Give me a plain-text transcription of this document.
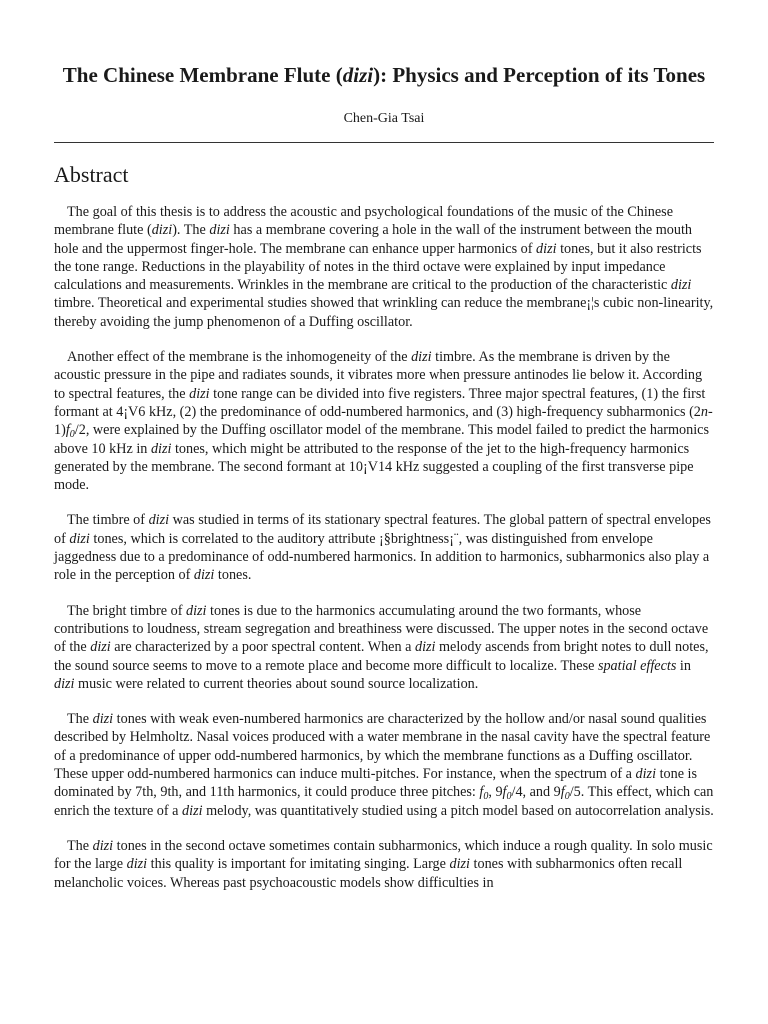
The Chinese Membrane Flute (dizi): Physics and Perception of its Tones
Chen-Gia Tsai
Abstract

The goal of this thesis is to address the acoustic and psychological foundations of the music of the Chinese membrane flute (dizi). The dizi has a membrane covering a hole in the wall of the instrument between the mouth hole and the uppermost finger-hole. The membrane can enhance upper harmonics of dizi tones, but it also restricts the tone range. Reductions in the playability of notes in the third octave were explained by input impedance calculations and measurements. Wrinkles in the membrane are critical to the production of the characteristic dizi timbre. Theoretical and experimental studies showed that wrinkling can reduce the membrane¡¦s cubic non-linearity, thereby avoiding the jump phenomenon of a Duffing oscillator.

Another effect of the membrane is the inhomogeneity of the dizi timbre. As the membrane is driven by the acoustic pressure in the pipe and radiates sounds, it vibrates more when pressure antinodes lie below it. According to spectral features, the dizi tone range can be divided into five registers. Three major spectral features, (1) the first formant at 4¡V6 kHz, (2) the predominance of odd-numbered harmonics, and (3) high-frequency subharmonics $(2n-1)f_0/2$, were explained by the Duffing oscillator model of the membrane. This model failed to predict the harmonics above 10 kHz in dizi tones, which might be attributed to the response of the jet to the high-frequency harmonics generated by the membrane. The second formant at 10¡V14 kHz suggested a coupling of the first transverse pipe mode.

The timbre of dizi was studied in terms of its stationary spectral features. The global pattern of spectral envelopes of dizi tones, which is correlated to the auditory attribute ¡§brightness¡¨, was distinguished from envelope jaggedness due to a predominance of odd-numbered harmonics. In addition to harmonics, subharmonics also play a role in the perception of dizi tones.

The bright timbre of dizi tones is due to the harmonics accumulating around the two formants, whose contributions to loudness, stream segregation and breathiness were discussed. The upper notes in the second octave of the dizi are characterized by a poor spectral content. When a dizi melody ascends from bright notes to dull notes, the sound source seems to move to a remote place and become more difficult to localize. These spatial effects in dizi music were related to current theories about sound source localization.

The dizi tones with weak even-numbered harmonics are characterized by the hollow and/or nasal sound qualities described by Helmholtz. Nasal voices produced with a water membrane in the nasal cavity have the spectral feature of a predominance of upper odd-numbered harmonics, by which the membrane functions as a Duffing oscillator. These upper odd-numbered harmonics can induce multi-pitches. For instance, when the spectrum of a dizi tone is dominated by 7th, 9th, and 11th harmonics, it could produce three pitches: $f_0$, $9f_0/4$, and $9f_0/5$. This effect, which can enrich the texture of a dizi melody, was quantitatively studied using a pitch model based on autocorrelation analysis.

The dizi tones in the second octave sometimes contain subharmonics, which induce a rough quality. In solo music for the large dizi this quality is important for imitating singing. Large dizi tones with subharmonics often recall melancholic voices. Whereas past psychoacoustic models show difficulties in
